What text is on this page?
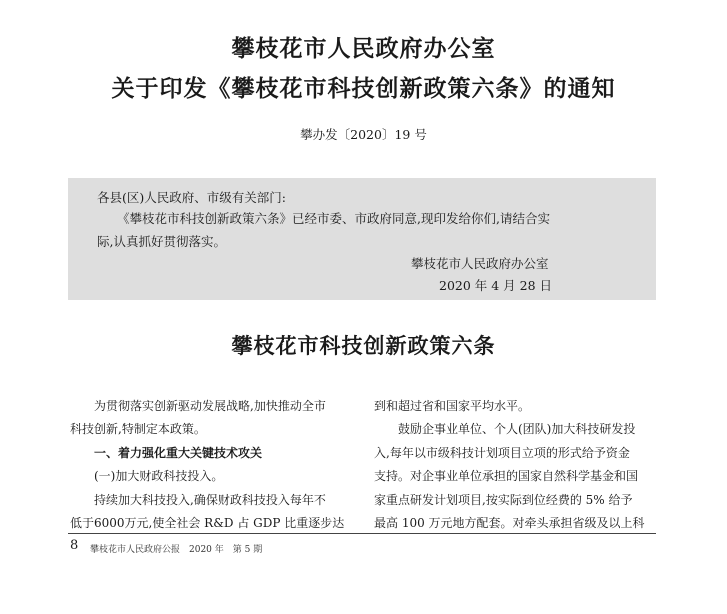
攀枝花市人民政府办公室
关于印发《攀枝花市科技创新政策六条》的通知
攀办发〔2020〕19 号
各县(区)人民政府、市级有关部门:
《攀枝花市科技创新政策六条》已经市委、市政府同意,现印发给你们,请结合实
际,认真抓好贯彻落实。
攀枝花市人民政府办公室
2020 年 4 月 28 日
攀枝花市科技创新政策六条
为贯彻落实创新驱动发展战略,加快推动全市
科技创新,特制定本政策。
一、着力强化重大关键技术攻关
(一)加大财政科技投入。
持续加大科技投入,确保财政科技投入每年不
低于6000万元,使全社会 R&D 占 GDP 比重逐步达
到和超过省和国家平均水平。
鼓励企事业单位、个人(团队)加大科技研发投
入,每年以市级科技计划项目立项的形式给予资金
支持。对企事业单位承担的国家自然科学基金和国
家重点研发计划项目,按实际到位经费的 5% 给予
最高 100 万元地方配套。对牵头承担省级及以上科
8 攀枝花市人民政府公报　2020 年　第 5 期
